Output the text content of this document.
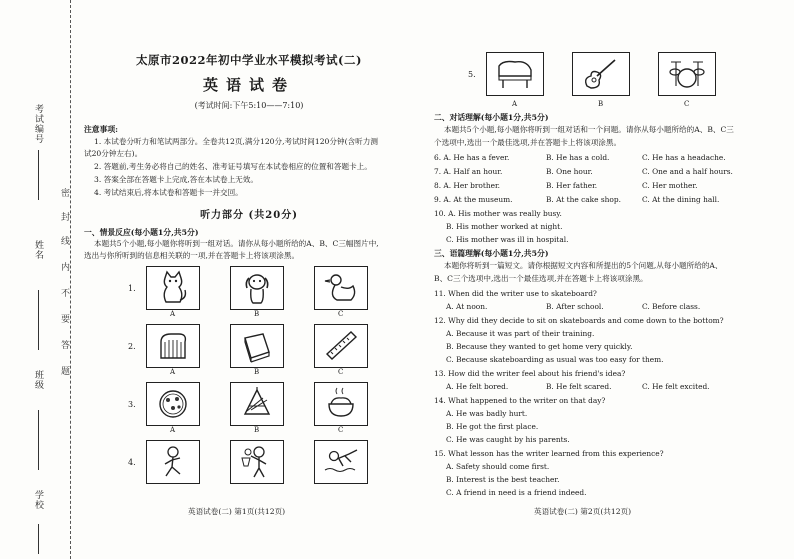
考试编号
姓名
班级
学校
密
封
线
内
不
要
答
题
太原市2022年初中学业水平模拟考试(二)
英语试卷
(考试时间:下午5:10——7:10)
注意事项:
1. 本试卷分听力和笔试两部分。全卷共12页,满分120分,考试时间120分钟(含听力测
试20分钟左右)。
2. 答题前,考生务必将自己的姓名、准考证号填写在本试卷相应的位置和答题卡上。
3. 答案全部在答题卡上完成,答在本试卷上无效。
4. 考试结束后,将本试卷和答题卡一并交回。
听力部分 (共20分)
一、情景反应(每小题1分,共5分)
本题共5个小题,每小题你将听到一组对话。请你从每小题所给的A、B、C三幅图片中,
选出与你所听到的信息相关联的一项,并在答题卡上将该项涂黑。
1.
A	B	C
2.
A	B	C
3.
A	B	C
4.
英语试卷(二) 第1页(共12页)
5.
A	B	C
二、对话理解(每小题1分,共5分)
本题共5个小题,每小题你将听到一组对话和一个问题。请你从每小题所给的A、B、C三
个选项中,选出一个最佳选项,并在答题卡上将该项涂黑。
6. A. He has a fever.	B. He has a cold.	C. He has a headache.
7. A. Half an hour.	B. One hour.	C. One and a half hours.
8. A. Her brother.	B. Her father.	C. Her mother.
9. A. At the museum.	B. At the cake shop.	C. At the dining hall.
10. A. His mother was really busy.
B. His mother worked at night.
C. His mother was ill in hospital.
三、语篇理解(每小题1分,共5分)
本题你将听到一篇短文。请你根据短文内容和所提出的5个问题,从每小题所给的A、
B、C三个选项中,选出一个最佳选项,并在答题卡上将该项涂黑。
11. When did the writer use to skateboard?
A. At noon.	B. After school.	C. Before class.
12. Why did they decide to sit on skateboards and come down to the bottom?
A. Because it was part of their training.
B. Because they wanted to get home very quickly.
C. Because skateboarding as usual was too easy for them.
13. How did the writer feel about his friend's idea?
A. He felt bored.	B. He felt scared.	C. He felt excited.
14. What happened to the writer on that day?
A. He was badly hurt.
B. He got the first place.
C. He was caught by his parents.
15. What lesson has the writer learned from this experience?
A. Safety should come first.
B. Interest is the best teacher.
C. A friend in need is a friend indeed.
英语试卷(二) 第2页(共12页)
